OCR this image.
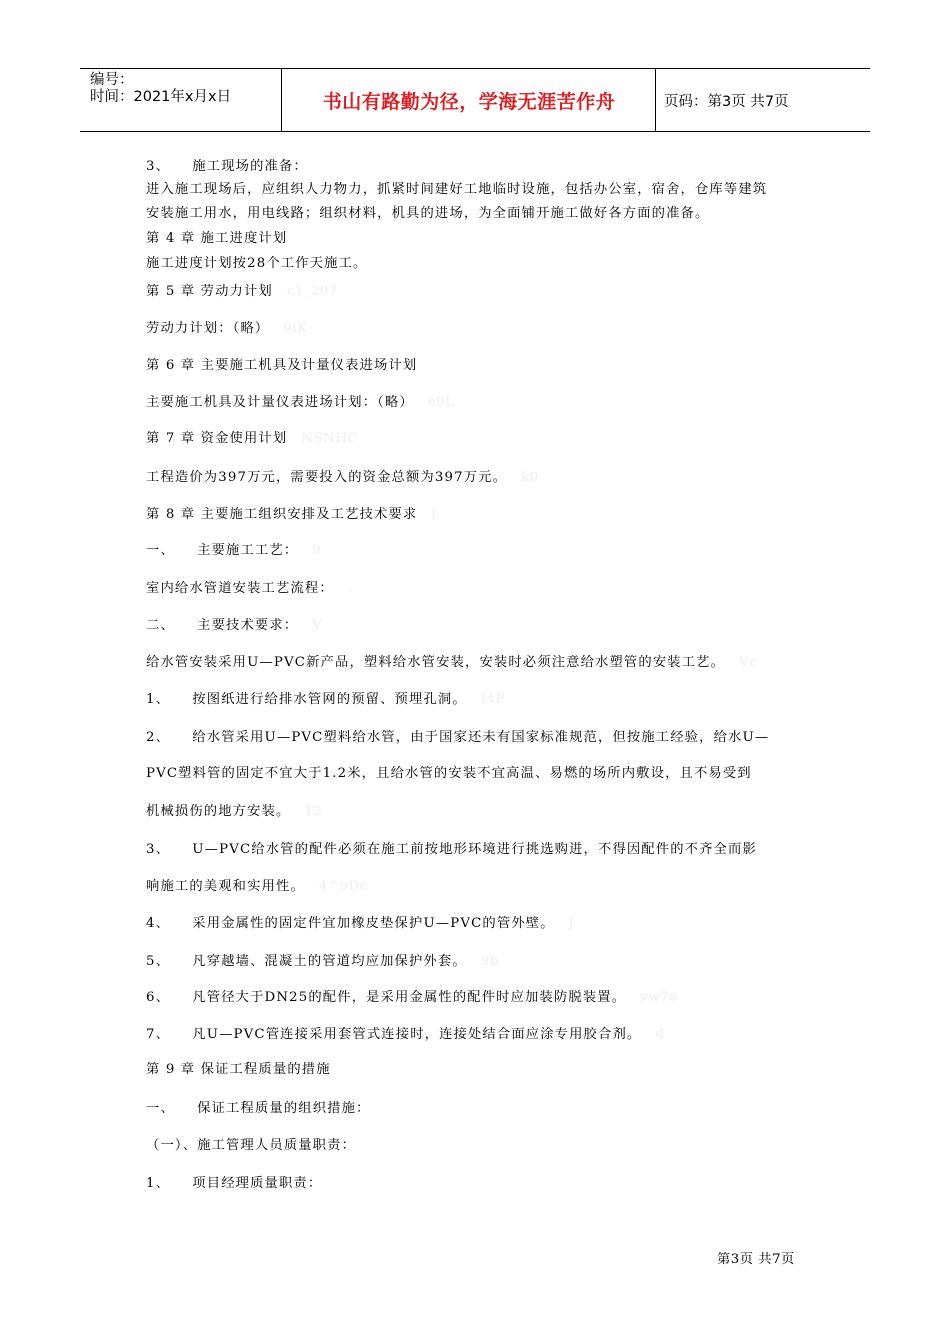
编号：
时间：2021年x月x日	书山有路勤为径，学海无涯苦作舟	页码：第3页 共7页
3、　　施工现场的准备：
进入施工现场后，应组织人力物力，抓紧时间建好工地临时设施，包括办公室，宿舍，仓库等建筑
安装施工用水，用电线路；组织材料，机具的进场，为全面铺开施工做好各方面的准备。
第 4 章 施工进度计划
施工进度计划按28个工作天施工。
第 5 章 劳动力计划 c1_207
劳动力计划：（略） 9iK
第 6 章 主要施工机具及计量仪表进场计划
主要施工机具及计量仪表进场计划：（略） e9L
第 7 章 资金使用计划 NSNHC
工程造价为397万元，需要投入的资金总额为397万元。 k0
第 8 章 主要施工组织安排及工艺技术要求 l
一、　　主要施工工艺： 9
室内给水管道安装工艺流程： .
二、　　主要技术要求： V
给水管安装采用U—PVC新产品，塑料给水管安装，安装时必须注意给水塑管的安装工艺。 Vc
1、　　按图纸进行给排水管网的预留、预埋孔洞。 I4P
2、　　给水管采用U—PVC塑料给水管，由于国家还未有国家标准规范，但按施工经验，给水U—
PVC塑料管的固定不宜大于1.2米，且给水管的安装不宜高温、易燃的场所内敷设，且不易受到
机械损伤的地方安装。 12
3、　　U—PVC给水管的配件必须在施工前按地形环境进行挑选购进，不得因配件的不齐全而影
响施工的美观和实用性。 4^9Dc
4、　　采用金属性的固定件宜加橡皮垫保护U—PVC的管外壁。 J
5、　　凡穿越墙、混凝土的管道均应加保护外套。 9b
6、　　凡管径大于DN25的配件，是采用金属性的配件时应加装防脱装置。 yw7e
7、　　凡U—PVC管连接采用套管式连接时，连接处结合面应涂专用胶合剂。 d
第 9 章 保证工程质量的措施
一、　　保证工程质量的组织措施：
（一）、施工管理人员质量职责：
1、　　项目经理质量职责：
第3页 共7页
